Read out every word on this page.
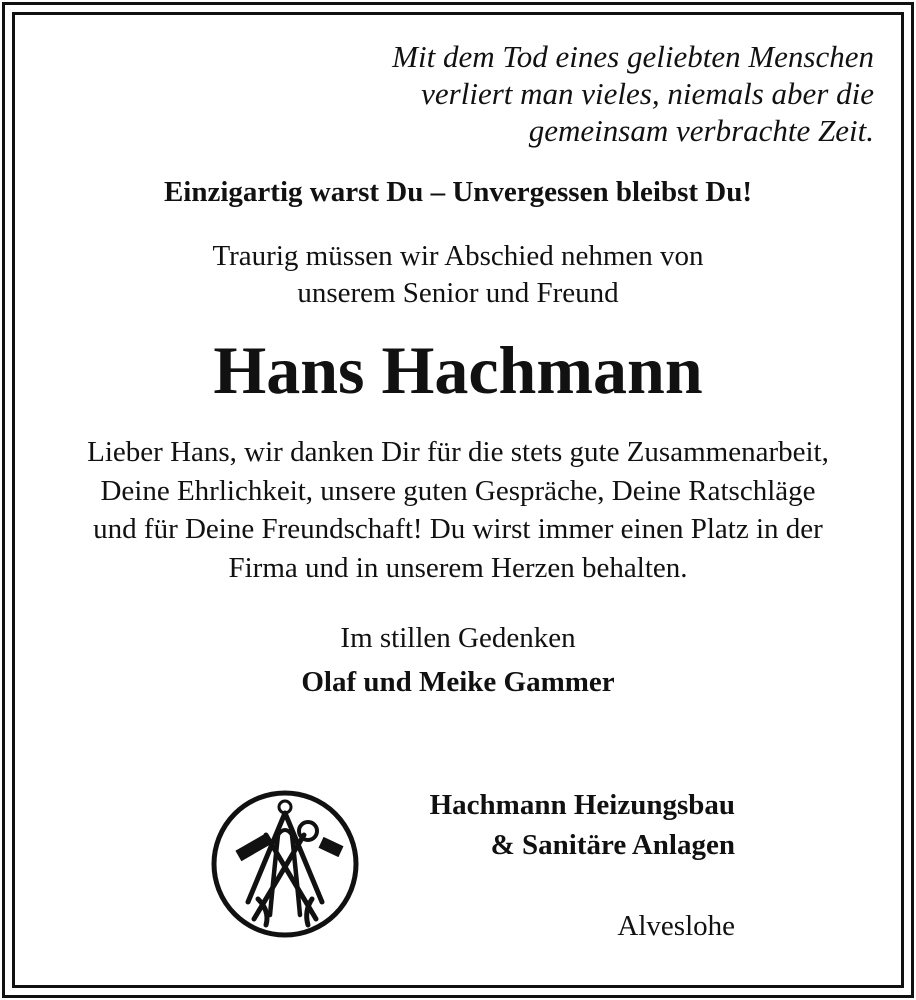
Mit dem Tod eines geliebten Menschen
verliert man vieles, niemals aber die
gemeinsam verbrachte Zeit.

Einzigartig warst Du – Unvergessen bleibst Du!

Traurig müssen wir Abschied nehmen von
unserem Senior und Freund

Hans Hachmann

Lieber Hans, wir danken Dir für die stets gute Zusammenarbeit,
Deine Ehrlichkeit, unsere guten Gespräche, Deine Ratschläge
und für Deine Freundschaft! Du wirst immer einen Platz in der
Firma und in unserem Herzen behalten.

Im stillen Gedenken

Olaf und Meike Gammer

Hachmann Heizungsbau
& Sanitäre Anlagen

Alveslohe
